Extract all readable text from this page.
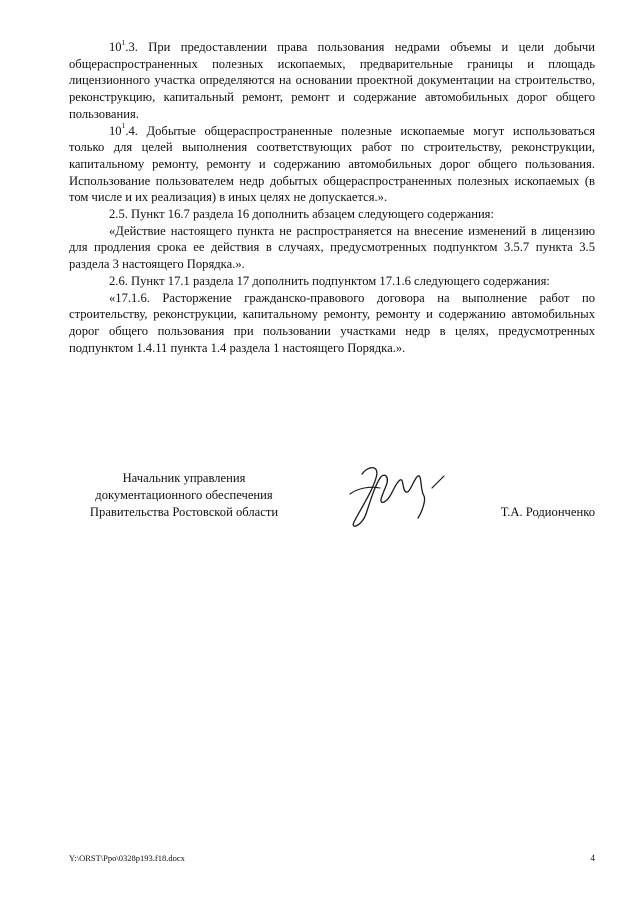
$10^1.3$. При предоставлении права пользования недрами объемы и цели добычи общераспространенных полезных ископаемых, предварительные границы и площадь лицензионного участка определяются на основании проектной документации на строительство, реконструкцию, капитальный ремонт, ремонт и содержание автомобильных дорог общего пользования.

$10^1.4$. Добытые общераспространенные полезные ископаемые могут использоваться только для целей выполнения соответствующих работ по строительству, реконструкции, капитальному ремонту, ремонту и содержанию автомобильных дорог общего пользования. Использование пользователем недр добытых общераспространенных полезных ископаемых (в том числе и их реализация) в иных целях не допускается.».

2.5. Пункт 16.7 раздела 16 дополнить абзацем следующего содержания:

«Действие настоящего пункта не распространяется на внесение изменений в лицензию для продления срока ее действия в случаях, предусмотренных подпунктом 3.5.7 пункта 3.5 раздела 3 настоящего Порядка.».

2.6. Пункт 17.1 раздела 17 дополнить подпунктом 17.1.6 следующего содержания:

«17.1.6. Расторжение гражданско-правового договора на выполнение работ по строительству, реконструкции, капитальному ремонту, ремонту и содержанию автомобильных дорог общего пользования при пользовании участками недр в целях, предусмотренных подпунктом 1.4.11 пункта 1.4 раздела 1 настоящего Порядка.».

Начальник управления
документационного обеспечения
Правительства Ростовской области	Т.А. Родионченко
Y:\ORST\Ppo\0328p193.f18.docx	4
